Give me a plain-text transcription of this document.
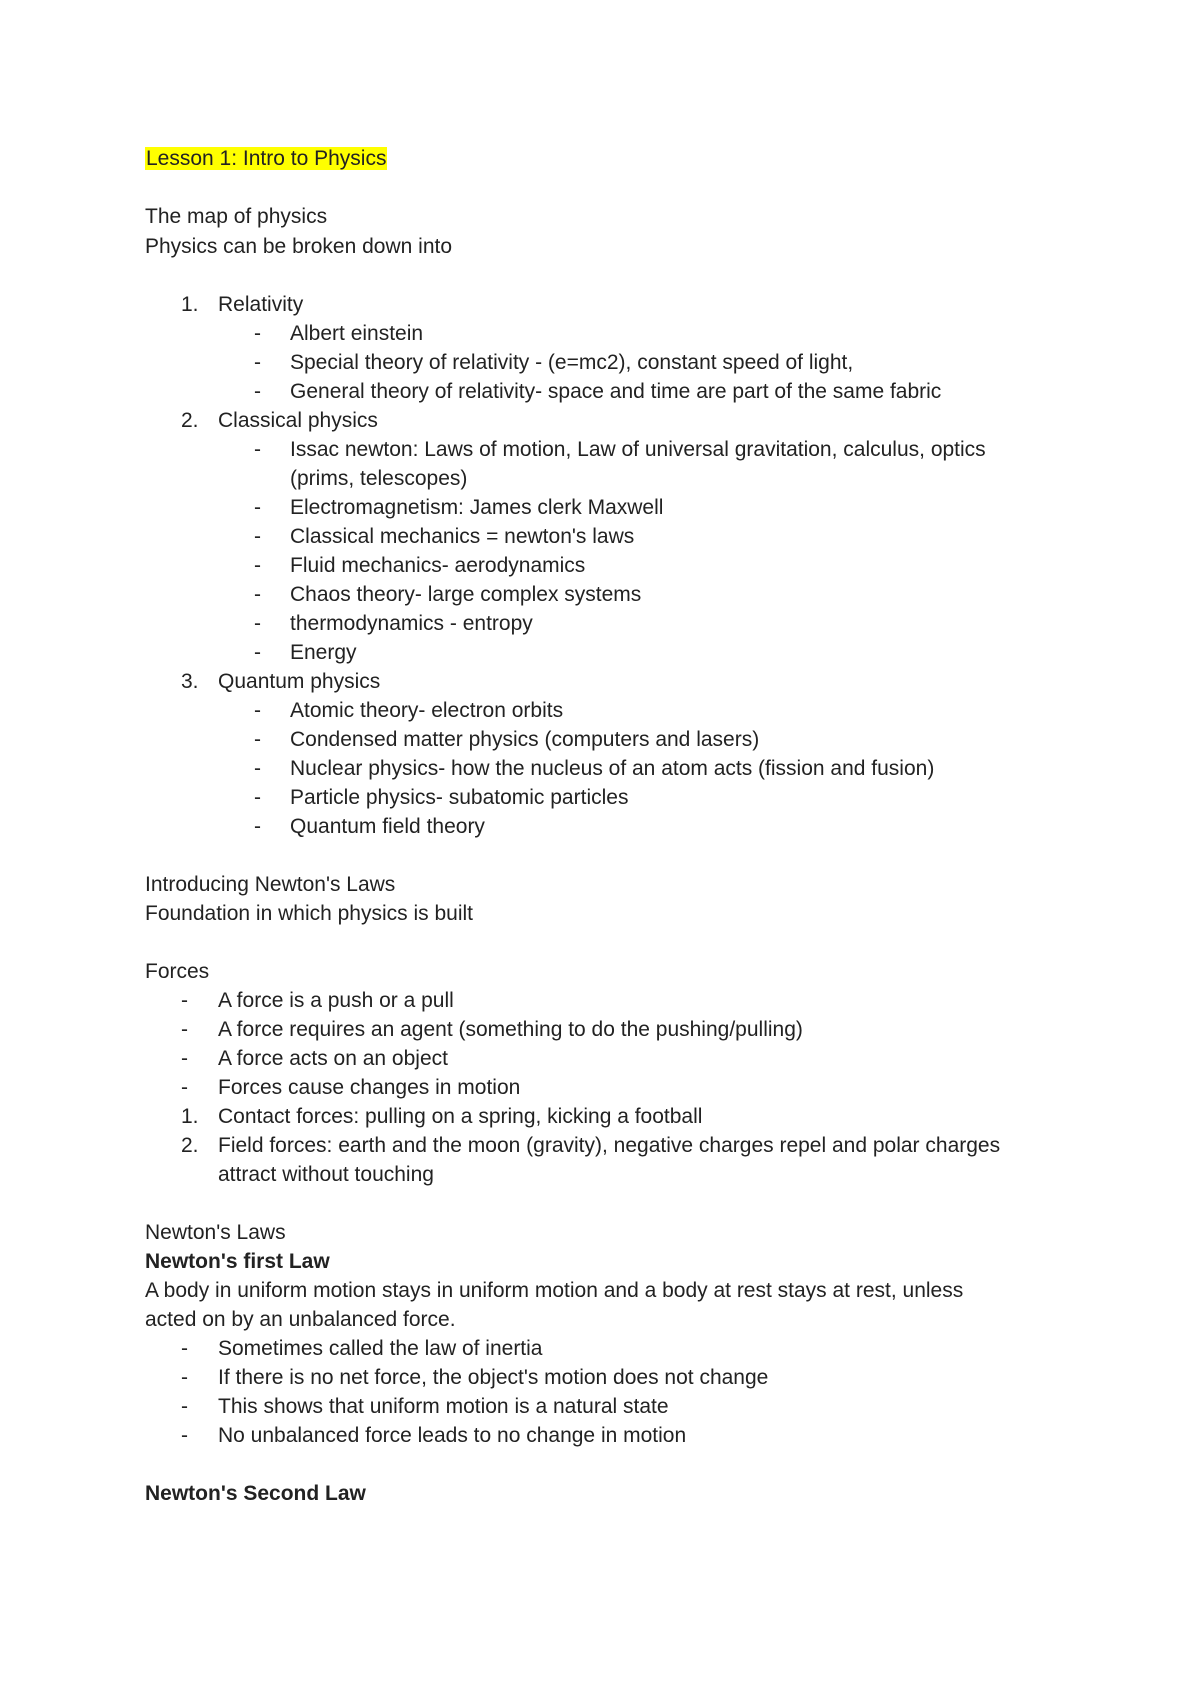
Lesson 1: Intro to Physics
The map of physics
Physics can be broken down into
1. Relativity
- Albert einstein
- Special theory of relativity - (e=mc2), constant speed of light,
- General theory of relativity- space and time are part of the same fabric
2. Classical physics
- Issac newton: Laws of motion, Law of universal gravitation, calculus, optics
(prims, telescopes)
- Electromagnetism: James clerk Maxwell
- Classical mechanics = newton's laws
- Fluid mechanics- aerodynamics
- Chaos theory- large complex systems
- thermodynamics - entropy
- Energy
3. Quantum physics
- Atomic theory- electron orbits
- Condensed matter physics (computers and lasers)
- Nuclear physics- how the nucleus of an atom acts (fission and fusion)
- Particle physics- subatomic particles
- Quantum field theory
Introducing Newton's Laws
Foundation in which physics is built
Forces
- A force is a push or a pull
- A force requires an agent (something to do the pushing/pulling)
- A force acts on an object
- Forces cause changes in motion
1. Contact forces: pulling on a spring, kicking a football
2. Field forces: earth and the moon (gravity), negative charges repel and polar charges
attract without touching
Newton's Laws
Newton's first Law
A body in uniform motion stays in uniform motion and a body at rest stays at rest, unless
acted on by an unbalanced force.
- Sometimes called the law of inertia
- If there is no net force, the object's motion does not change
- This shows that uniform motion is a natural state
- No unbalanced force leads to no change in motion
Newton's Second Law
